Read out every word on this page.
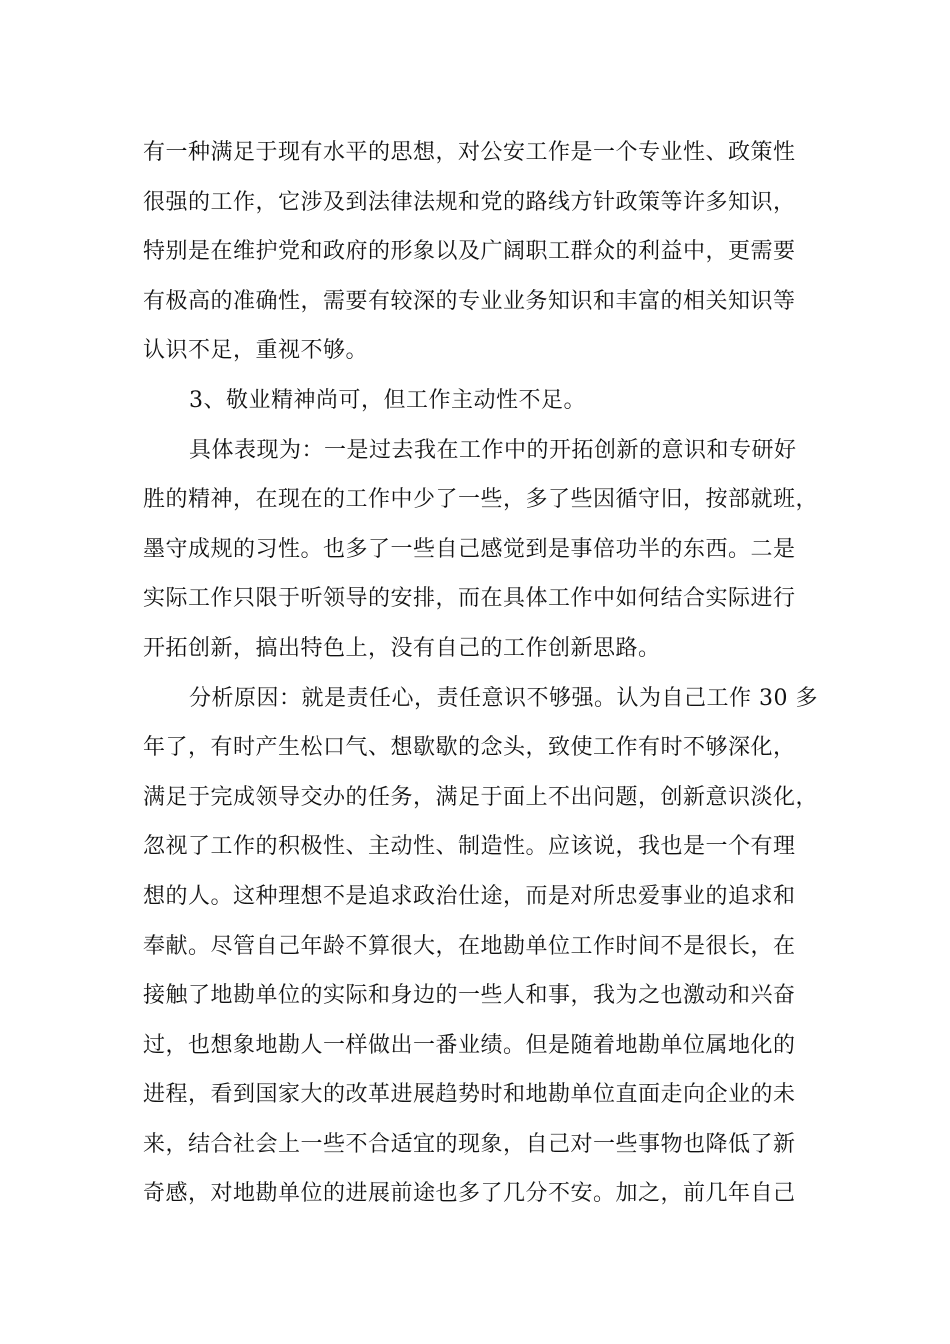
有一种满足于现有水平的思想，对公安工作是一个专业性、政策性
很强的工作，它涉及到法律法规和党的路线方针政策等许多知识，
特别是在维护党和政府的形象以及广阔职工群众的利益中，更需要
有极高的准确性，需要有较深的专业业务知识和丰富的相关知识等
认识不足，重视不够。
3、敬业精神尚可，但工作主动性不足。
具体表现为：一是过去我在工作中的开拓创新的意识和专研好
胜的精神，在现在的工作中少了一些，多了些因循守旧，按部就班，
墨守成规的习性。也多了一些自己感觉到是事倍功半的东西。二是
实际工作只限于听领导的安排，而在具体工作中如何结合实际进行
开拓创新，搞出特色上，没有自己的工作创新思路。
分析原因：就是责任心，责任意识不够强。认为自己工作 30 多
年了，有时产生松口气、想歇歇的念头，致使工作有时不够深化，
满足于完成领导交办的任务，满足于面上不出问题，创新意识淡化，
忽视了工作的积极性、主动性、制造性。应该说，我也是一个有理
想的人。这种理想不是追求政治仕途，而是对所忠爱事业的追求和
奉献。尽管自己年龄不算很大，在地勘单位工作时间不是很长，在
接触了地勘单位的实际和身边的一些人和事，我为之也激动和兴奋
过，也想象地勘人一样做出一番业绩。但是随着地勘单位属地化的
进程，看到国家大的改革进展趋势时和地勘单位直面走向企业的未
来，结合社会上一些不合适宜的现象，自己对一些事物也降低了新
奇感，对地勘单位的进展前途也多了几分不安。加之，前几年自己
